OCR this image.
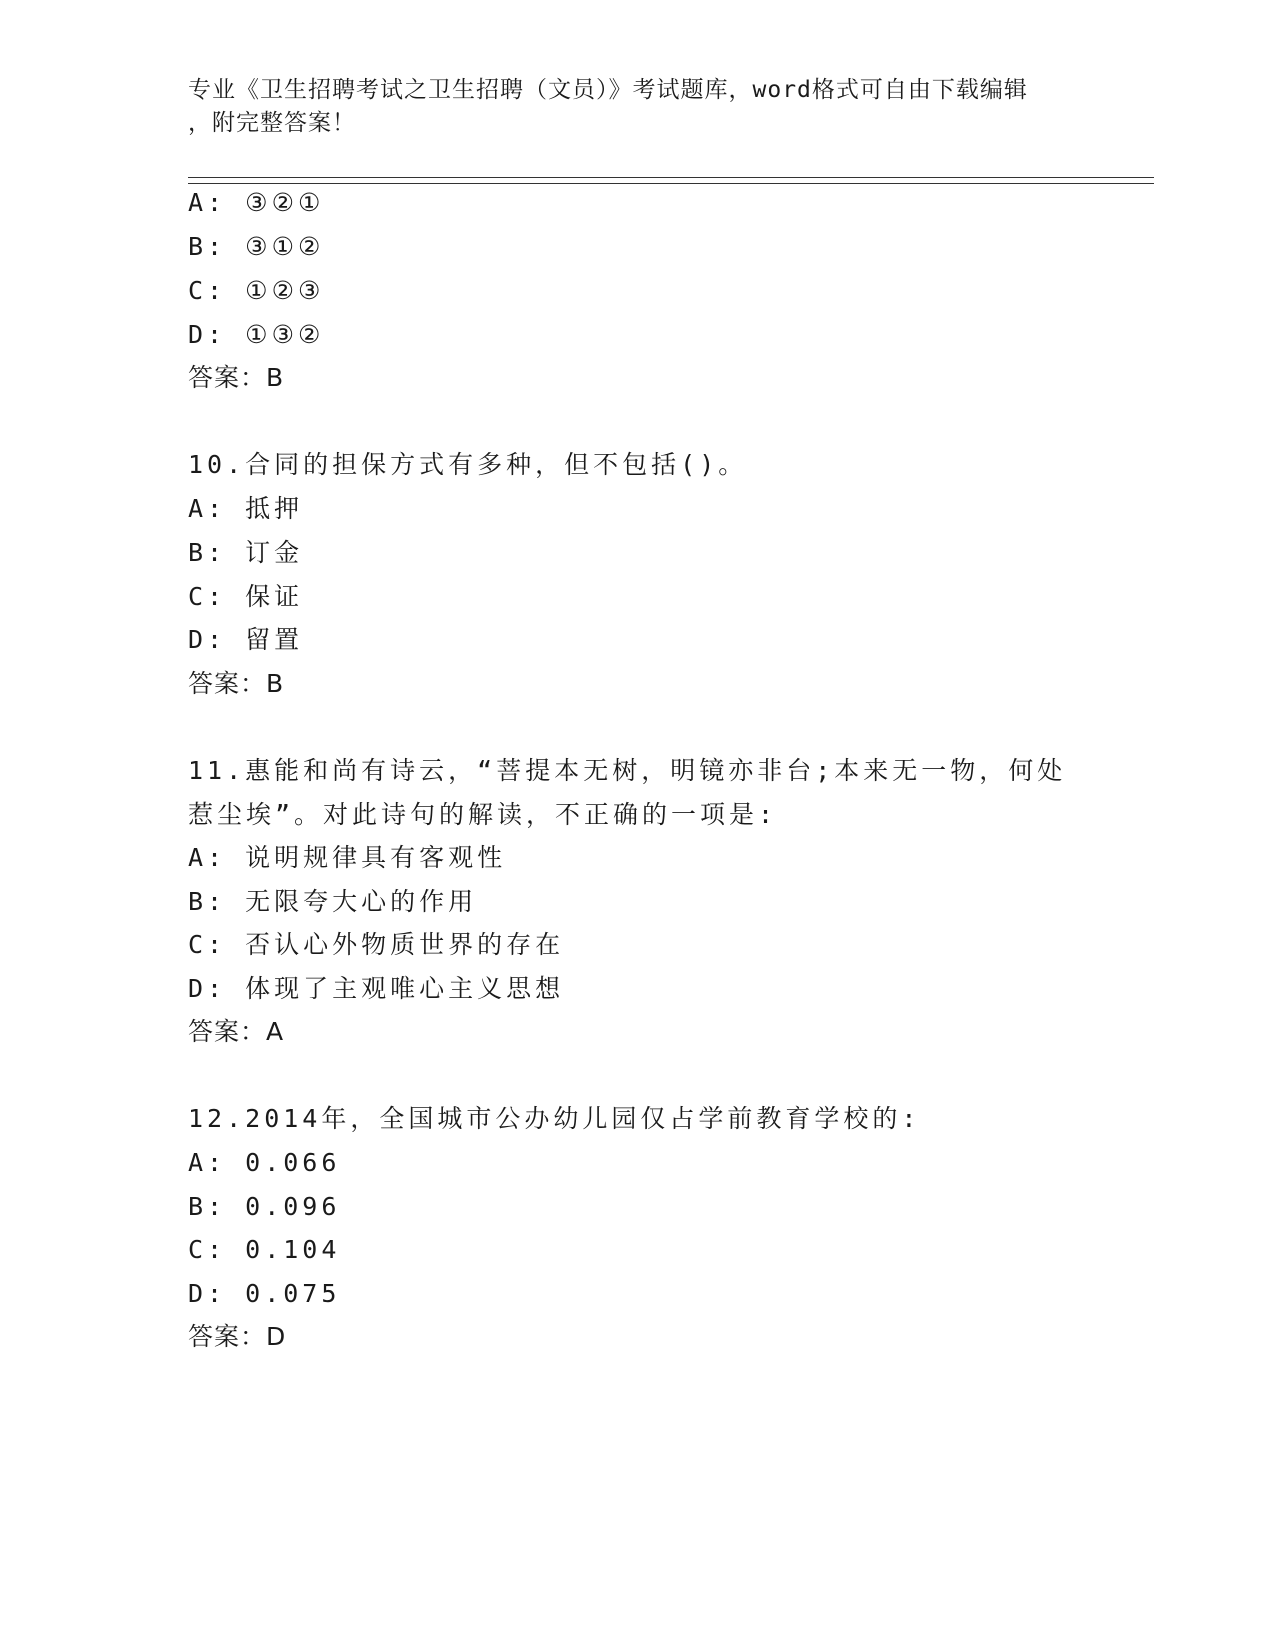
专业《卫生招聘考试之卫生招聘（文员）》考试题库，word格式可自由下载编辑
，附完整答案！
A: ③②①
B: ③①②
C: ①②③
D: ①③②
答案：B
10.合同的担保方式有多种，但不包括()。
A: 抵押
B: 订金
C: 保证
D: 留置
答案：B
11.惠能和尚有诗云，“菩提本无树，明镜亦非台;本来无一物，何处
惹尘埃”。对此诗句的解读，不正确的一项是:
A: 说明规律具有客观性
B: 无限夸大心的作用
C: 否认心外物质世界的存在
D: 体现了主观唯心主义思想
答案：A
12.2014年，全国城市公办幼儿园仅占学前教育学校的:
A: 0.066
B: 0.096
C: 0.104
D: 0.075
答案：D
